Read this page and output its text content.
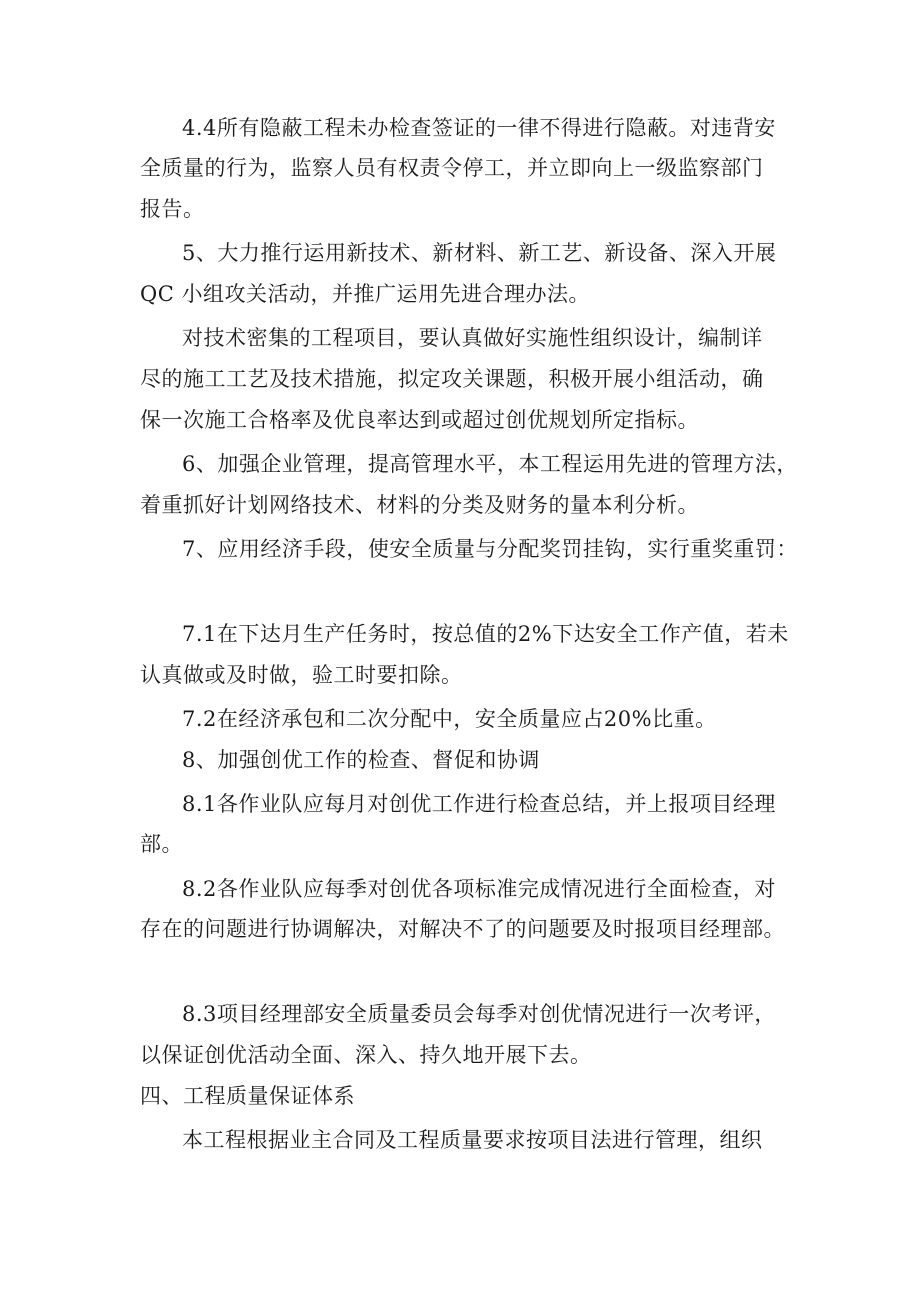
4.4所有隐蔽工程未办检查签证的一律不得进行隐蔽。对违背安
全质量的行为，监察人员有权责令停工，并立即向上一级监察部门
报告。
5、大力推行运用新技术、新材料、新工艺、新设备、深入开展
QC 小组攻关活动，并推广运用先进合理办法。
对技术密集的工程项目，要认真做好实施性组织设计，编制详
尽的施工工艺及技术措施，拟定攻关课题，积极开展小组活动，确
保一次施工合格率及优良率达到或超过创优规划所定指标。
6、加强企业管理，提高管理水平，本工程运用先进的管理方法，
着重抓好计划网络技术、材料的分类及财务的量本利分析。
7、应用经济手段，使安全质量与分配奖罚挂钩，实行重奖重罚：
7.1在下达月生产任务时，按总值的2%下达安全工作产值，若未
认真做或及时做，验工时要扣除。
7.2在经济承包和二次分配中，安全质量应占20%比重。
8、加强创优工作的检查、督促和协调
8.1各作业队应每月对创优工作进行检查总结，并上报项目经理
部。
8.2各作业队应每季对创优各项标准完成情况进行全面检查，对
存在的问题进行协调解决，对解决不了的问题要及时报项目经理部。
8.3项目经理部安全质量委员会每季对创优情况进行一次考评，
以保证创优活动全面、深入、持久地开展下去。
四、工程质量保证体系
本工程根据业主合同及工程质量要求按项目法进行管理，组织
